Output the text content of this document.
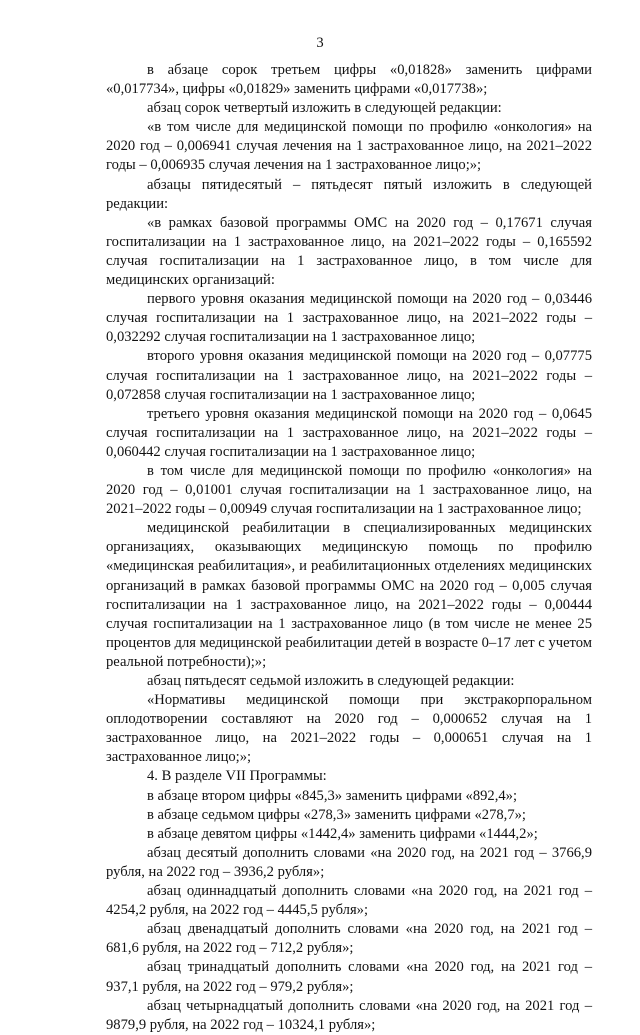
3

в абзаце сорок третьем цифры «0,01828» заменить цифрами «0,017734», цифры «0,01829» заменить цифрами «0,017738»;

абзац сорок четвертый изложить в следующей редакции:

«в том числе для медицинской помощи по профилю «онкология» на 2020 год – 0,006941 случая лечения на 1 застрахованное лицо, на 2021–2022 годы – 0,006935 случая лечения на 1 застрахованное лицо;»;

абзацы пятидесятый – пятьдесят пятый изложить в следующей редакции:

«в рамках базовой программы ОМС на 2020 год – 0,17671 случая госпитализации на 1 застрахованное лицо, на 2021–2022 годы – 0,165592 случая госпитализации на 1 застрахованное лицо, в том числе для медицинских организаций:

первого уровня оказания медицинской помощи на 2020 год – 0,03446 случая госпитализации на 1 застрахованное лицо, на 2021–2022 годы – 0,032292 случая госпитализации на 1 застрахованное лицо;

второго уровня оказания медицинской помощи на 2020 год – 0,07775 случая госпитализации на 1 застрахованное лицо, на 2021–2022 годы – 0,072858 случая госпитализации на 1 застрахованное лицо;

третьего уровня оказания медицинской помощи на 2020 год – 0,0645 случая госпитализации на 1 застрахованное лицо, на 2021–2022 годы – 0,060442 случая госпитализации на 1 застрахованное лицо;

в том числе для медицинской помощи по профилю «онкология» на 2020 год – 0,01001 случая госпитализации на 1 застрахованное лицо, на 2021–2022 годы – 0,00949 случая госпитализации на 1 застрахованное лицо;

медицинской реабилитации в специализированных медицинских организациях, оказывающих медицинскую помощь по профилю «медицинская реабилитация», и реабилитационных отделениях медицинских организаций в рамках базовой программы ОМС на 2020 год – 0,005 случая госпитализации на 1 застрахованное лицо, на 2021–2022 годы – 0,00444 случая госпитализации на 1 застрахованное лицо (в том числе не менее 25 процентов для медицинской реабилитации детей в возрасте 0–17 лет с учетом реальной потребности);»;

абзац пятьдесят седьмой изложить в следующей редакции:

«Нормативы медицинской помощи при экстракорпоральном оплодотворении составляют на 2020 год – 0,000652 случая на 1 застрахованное лицо, на 2021–2022 годы – 0,000651 случая на 1 застрахованное лицо;»;

4. В разделе VII Программы:

в абзаце втором цифры «845,3» заменить цифрами «892,4»;

в абзаце седьмом цифры «278,3» заменить цифрами «278,7»;

в абзаце девятом цифры «1442,4» заменить цифрами «1444,2»;

абзац десятый дополнить словами «на 2020 год, на 2021 год – 3766,9 рубля, на 2022 год – 3936,2 рубля»;

абзац одиннадцатый дополнить словами «на 2020 год, на 2021 год – 4254,2 рубля, на 2022 год – 4445,5 рубля»;

абзац двенадцатый дополнить словами «на 2020 год, на 2021 год – 681,6 рубля, на 2022 год – 712,2 рубля»;

абзац тринадцатый дополнить словами «на 2020 год, на 2021 год – 937,1 рубля, на 2022 год – 979,2 рубля»;

абзац четырнадцатый дополнить словами «на 2020 год, на 2021 год – 9879,9 рубля, на 2022 год – 10324,1 рубля»;
